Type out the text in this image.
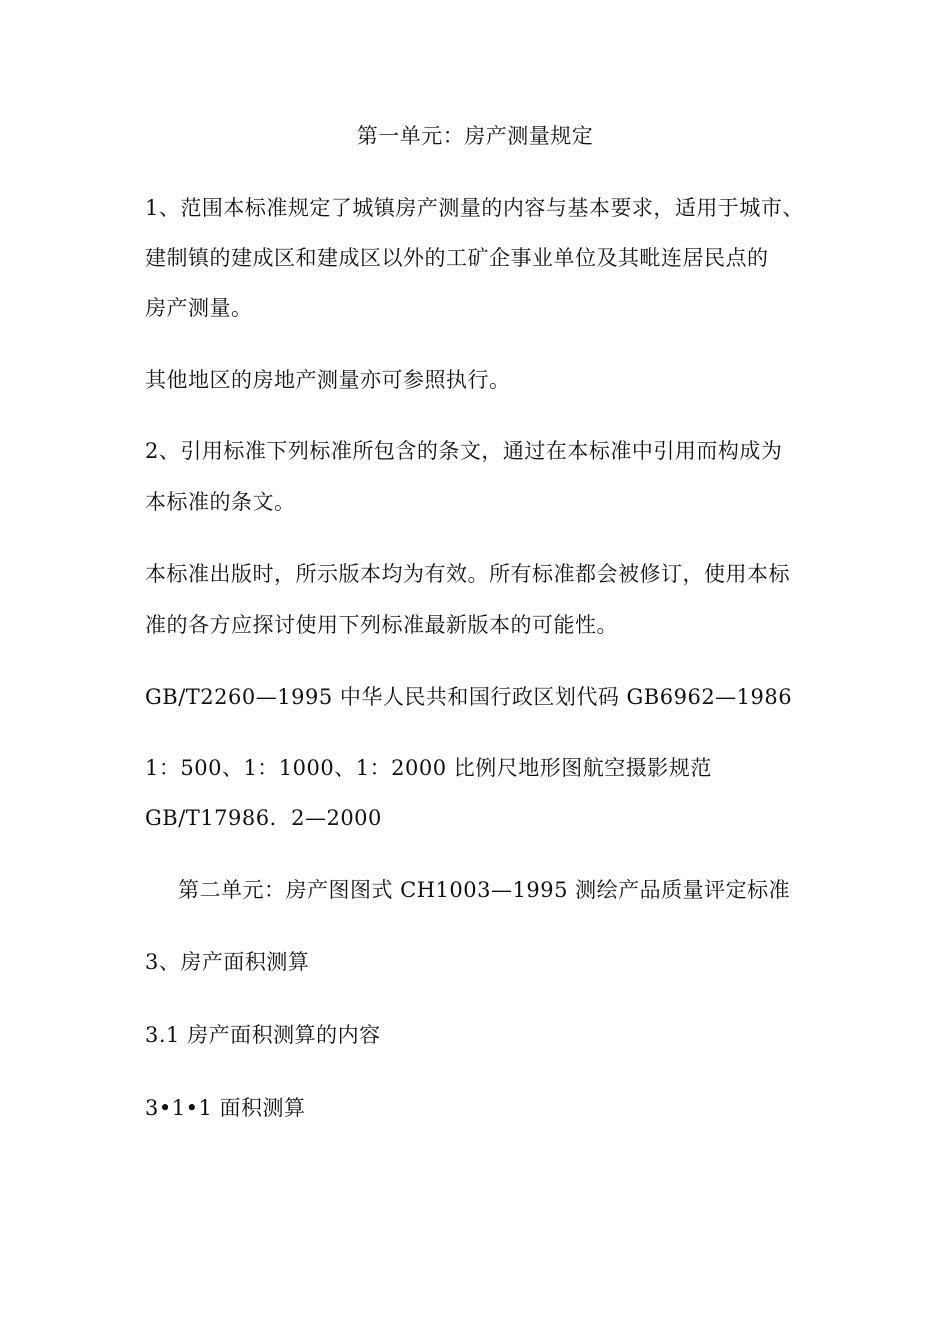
第一单元：房产测量规定
1、范围本标准规定了城镇房产测量的内容与基本要求，适用于城市、
建制镇的建成区和建成区以外的工矿企事业单位及其毗连居民点的
房产测量。
其他地区的房地产测量亦可参照执行。
2、引用标准下列标准所包含的条文，通过在本标准中引用而构成为
本标准的条文。
本标准出版时，所示版本均为有效。所有标准都会被修订，使用本标
准的各方应探讨使用下列标准最新版本的可能性。
GB/T2260—1995 中华人民共和国行政区划代码 GB6962—1986
1：500、1：1000、1：2000 比例尺地形图航空摄影规范
GB/T17986．2—2000
第二单元：房产图图式 CH1003—1995 测绘产品质量评定标准
3、房产面积测算
3.1 房产面积测算的内容
3•1•1 面积测算
